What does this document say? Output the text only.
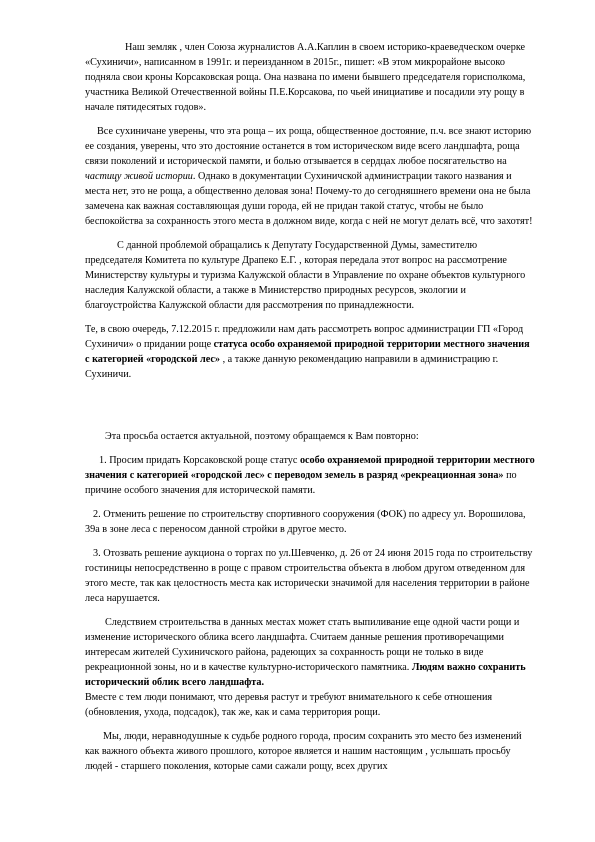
Наш земляк , член Союза журналистов А.А.Каплин в своем историко-краеведческом очерке «Сухиничи», написанном в 1991г. и переизданном в 2015г., пишет: «В этом микрорайоне высоко подняла свои кроны Корсаковская роща. Она названа по имени бывшего председателя горисполкома, участника Великой Отечественной войны П.Е.Корсакова, по чьей инициативе и посадили эту рощу в начале пятидесятых годов».

Все сухиничане уверены, что эта роща – их роща, общественное достояние, п.ч. все знают историю ее создания, уверены, что это достояние останется в том историческом виде всего ландшафта, роща связи поколений и исторической памяти, и болью отзывается в сердцах любое посягательство на частицу живой истории. Однако в документации Сухиничской администрации такого названия и места нет, это не роща, а общественно деловая зона! Почему-то до сегодняшнего времени она не была замечена как важная составляющая души города, ей не придан такой статус, чтобы не было беспокойства за сохранность этого места в должном виде, когда с ней не могут делать всё, что захотят!

С данной проблемой обращались к Депутату Государственной Думы, заместителю председателя Комитета по культуре Драпеко Е.Г. , которая передала этот вопрос на рассмотрение Министерству культуры и туризма Калужской области в Управление по охране объектов культурного наследия Калужской области, а также в Министерство природных ресурсов, экологии и благоустройства Калужской области для рассмотрения по принадлежности.

Те, в свою очередь, 7.12.2015 г. предложили нам дать рассмотреть вопрос администрации ГП «Город Сухиничи» о придании роще статуса особо охраняемой природной территории местного значения с категорией «городской лес» , а также данную рекомендацию направили в администрацию г. Сухиничи.

Эта просьба остается актуальной, поэтому обращаемся к Вам повторно:

1. Просим придать Корсаковской роще статус особо охраняемой природной территории местного значения с категорией «городской лес» с переводом земель в разряд «рекреационная зона» по причине особого значения для исторической памяти.

2. Отменить решение по строительству спортивного сооружения (ФОК) по адресу ул. Ворошилова, 39а в зоне леса с переносом данной стройки в другое место.

3. Отозвать решение аукциона о торгах по ул.Шевченко, д. 26 от 24 июня 2015 года по строительству гостиницы непосредственно в роще с правом строительства объекта в любом другом отведенном для этого месте, так как целостность места как исторически значимой для населения территории в районе леса нарушается.

Следствием строительства в данных местах может стать выпиливание еще одной части рощи и изменение исторического облика всего ландшафта. Считаем данные решения противоречащими интересам жителей Сухиничского района, радеющих за сохранность рощи не только в виде рекреационной зоны, но и в качестве культурно-исторического памятника. Людям важно сохранить исторический облик всего ландшафта.

Вместе с тем люди понимают, что деревья растут и требуют внимательного к себе отношения (обновления, ухода, подсадок), так же, как и сама территория рощи.

Мы, люди, неравнодушные к судьбе родного города, просим сохранить это место без изменений как важного объекта живого прошлого, которое является и нашим настоящим , услышать просьбу людей - старшего поколения, которые сами сажали рощу, всех других
